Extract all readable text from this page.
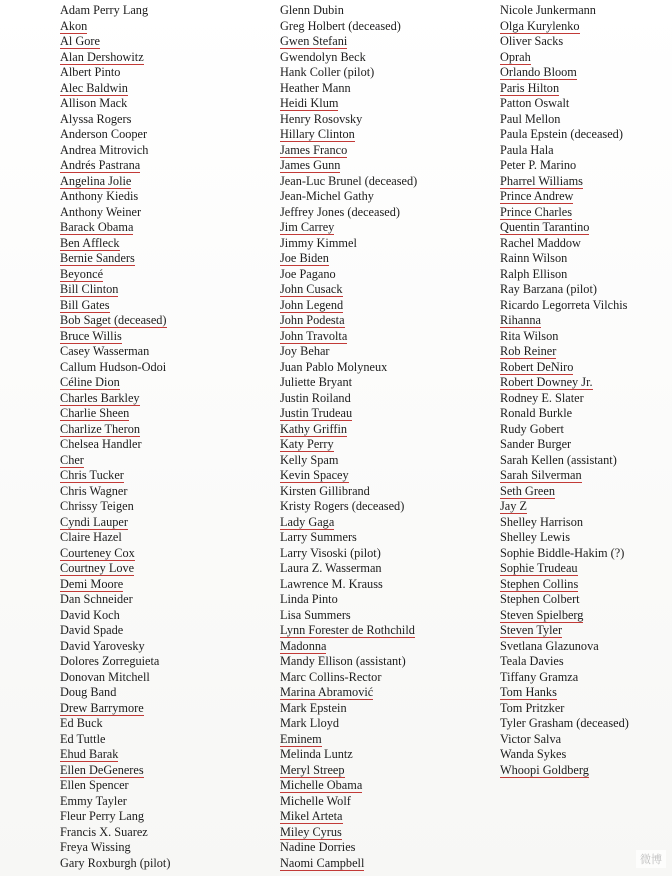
Adam Perry Lang
Akon
Al Gore
Alan Dershowitz
Albert Pinto
Alec Baldwin
Allison Mack
Alyssa Rogers
Anderson Cooper
Andrea Mitrovich
Andrés Pastrana
Angelina Jolie
Anthony Kiedis
Anthony Weiner
Barack Obama
Ben Affleck
Bernie Sanders
Beyoncé
Bill Clinton
Bill Gates
Bob Saget (deceased)
Bruce Willis
Casey Wasserman
Callum Hudson-Odoi
Céline Dion
Charles Barkley
Charlie Sheen
Charlize Theron
Chelsea Handler
Cher
Chris Tucker
Chris Wagner
Chrissy Teigen
Cyndi Lauper
Claire Hazel
Courteney Cox
Courtney Love
Demi Moore
Dan Schneider
David Koch
David Spade
David Yarovesky
Dolores Zorreguieta
Donovan Mitchell
Doug Band
Drew Barrymore
Ed Buck
Ed Tuttle
Ehud Barak
Ellen DeGeneres
Ellen Spencer
Emmy Tayler
Fleur Perry Lang
Francis X. Suarez
Freya Wissing
Gary Roxburgh (pilot)
Glenn Dubin
Greg Holbert (deceased)
Gwen Stefani
Gwendolyn Beck
Hank Coller (pilot)
Heather Mann
Heidi Klum
Henry Rosovsky
Hillary Clinton
James Franco
James Gunn
Jean-Luc Brunel (deceased)
Jean-Michel Gathy
Jeffrey Jones (deceased)
Jim Carrey
Jimmy Kimmel
Joe Biden
Joe Pagano
John Cusack
John Legend
John Podesta
John Travolta
Joy Behar
Juan Pablo Molyneux
Juliette Bryant
Justin Roiland
Justin Trudeau
Kathy Griffin
Katy Perry
Kelly Spam
Kevin Spacey
Kirsten Gillibrand
Kristy Rogers (deceased)
Lady Gaga
Larry Summers
Larry Visoski (pilot)
Laura Z. Wasserman
Lawrence M. Krauss
Linda Pinto
Lisa Summers
Lynn Forester de Rothchild
Madonna
Mandy Ellison (assistant)
Marc Collins-Rector
Marina Abramović
Mark Epstein
Mark Lloyd
Eminem
Melinda Luntz
Meryl Streep
Michelle Obama
Michelle Wolf
Mikel Arteta
Miley Cyrus
Nadine Dorries
Naomi Campbell
Nicole Junkermann
Olga Kurylenko
Oliver Sacks
Oprah
Orlando Bloom
Paris Hilton
Patton Oswalt
Paul Mellon
Paula Epstein (deceased)
Paula Hala
Peter P. Marino
Pharrel Williams
Prince Andrew
Prince Charles
Quentin Tarantino
Rachel Maddow
Rainn Wilson
Ralph Ellison
Ray Barzana (pilot)
Ricardo Legorreta Vilchis
Rihanna
Rita Wilson
Rob Reiner
Robert DeNiro
Robert Downey Jr.
Rodney E. Slater
Ronald Burkle
Rudy Gobert
Sander Burger
Sarah Kellen (assistant)
Sarah Silverman
Seth Green
Jay Z
Shelley Harrison
Shelley Lewis
Sophie Biddle-Hakim (?)
Sophie Trudeau
Stephen Collins
Stephen Colbert
Steven Spielberg
Steven Tyler
Svetlana Glazunova
Teala Davies
Tiffany Gramza
Tom Hanks
Tom Pritzker
Tyler Grasham (deceased)
Victor Salva
Wanda Sykes
Whoopi Goldberg
微博
